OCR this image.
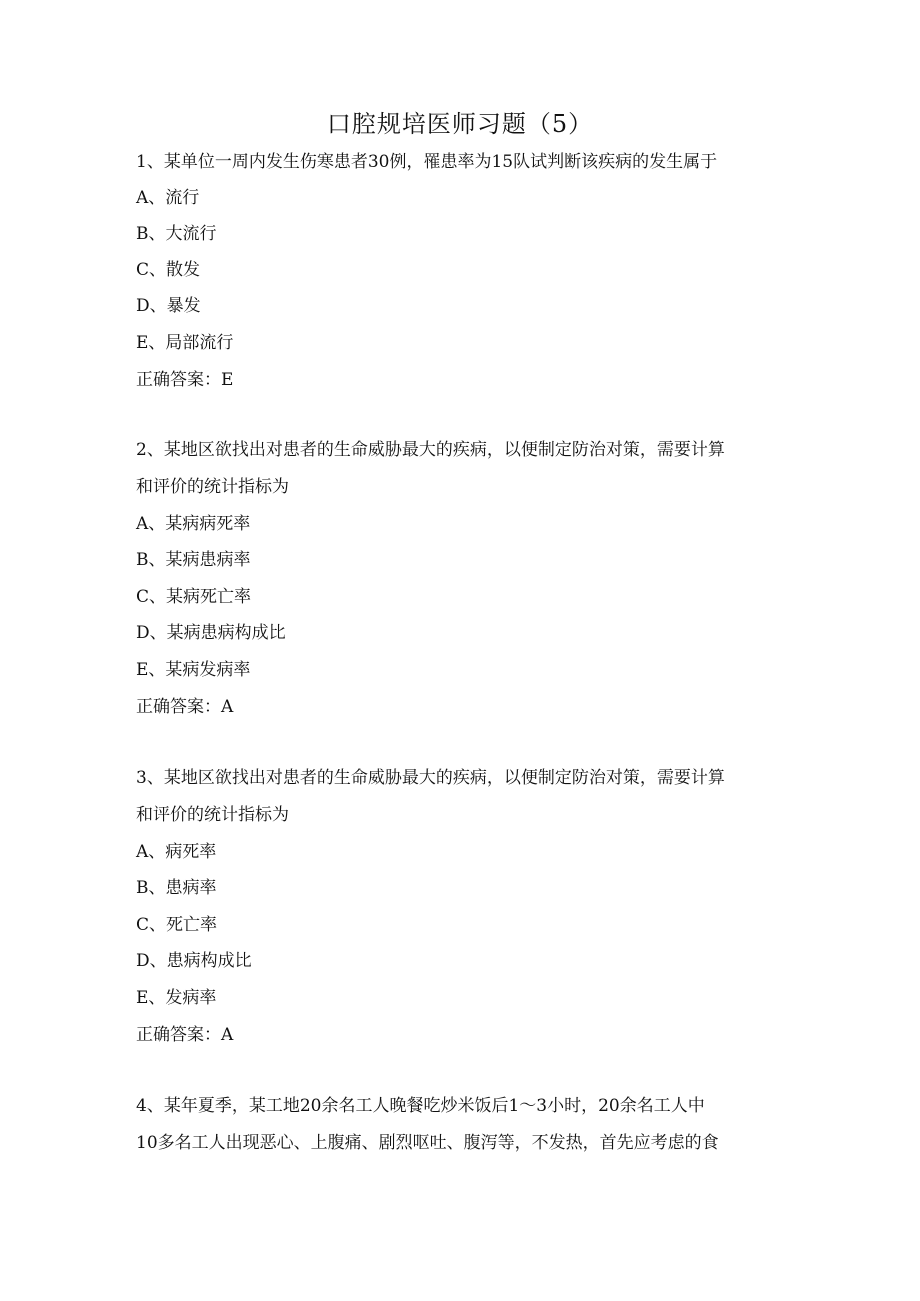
口腔规培医师习题（5）
1、某单位一周内发生伤寒患者30例，罹患率为15队试判断该疾病的发生属于
A、流行
B、大流行
C、散发
D、暴发
E、局部流行
正确答案：E
2、某地区欲找出对患者的生命威胁最大的疾病，以便制定防治对策，需要计算
和评价的统计指标为
A、某病病死率
B、某病患病率
C、某病死亡率
D、某病患病构成比
E、某病发病率
正确答案：A
3、某地区欲找出对患者的生命威胁最大的疾病，以便制定防治对策，需要计算
和评价的统计指标为
A、病死率
B、患病率
C、死亡率
D、患病构成比
E、发病率
正确答案：A
4、某年夏季，某工地20余名工人晚餐吃炒米饭后1～3小时，20余名工人中
10多名工人出现恶心、上腹痛、剧烈呕吐、腹泻等，不发热，首先应考虑的食
